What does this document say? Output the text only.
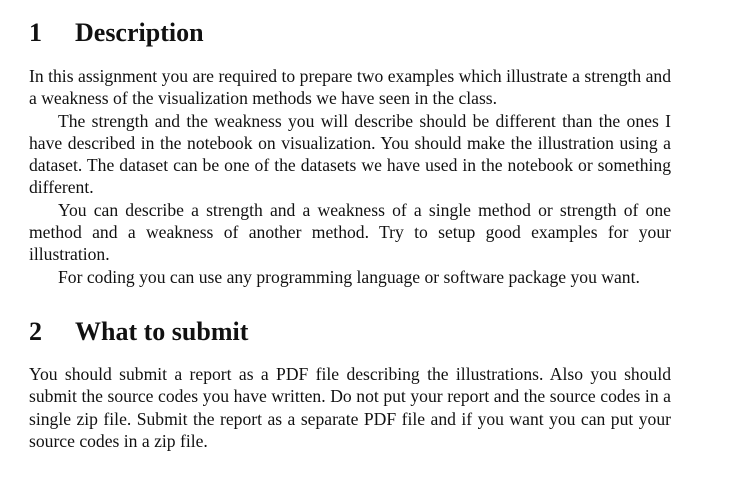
1	Description

In this assignment you are required to prepare two examples which illustrate a strength and a weakness of the visualization methods we have seen in the class.

The strength and the weakness you will describe should be different than the ones I have described in the notebook on visualization. You should make the illustration using a dataset. The dataset can be one of the datasets we have used in the notebook or something different.

You can describe a strength and a weakness of a single method or strength of one method and a weakness of another method. Try to setup good examples for your illustration.

For coding you can use any programming language or software package you want.

2	What to submit

You should submit a report as a PDF file describing the illustrations. Also you should submit the source codes you have written. Do not put your report and the source codes in a single zip file. Submit the report as a separate PDF file and if you want you can put your source codes in a zip file.
